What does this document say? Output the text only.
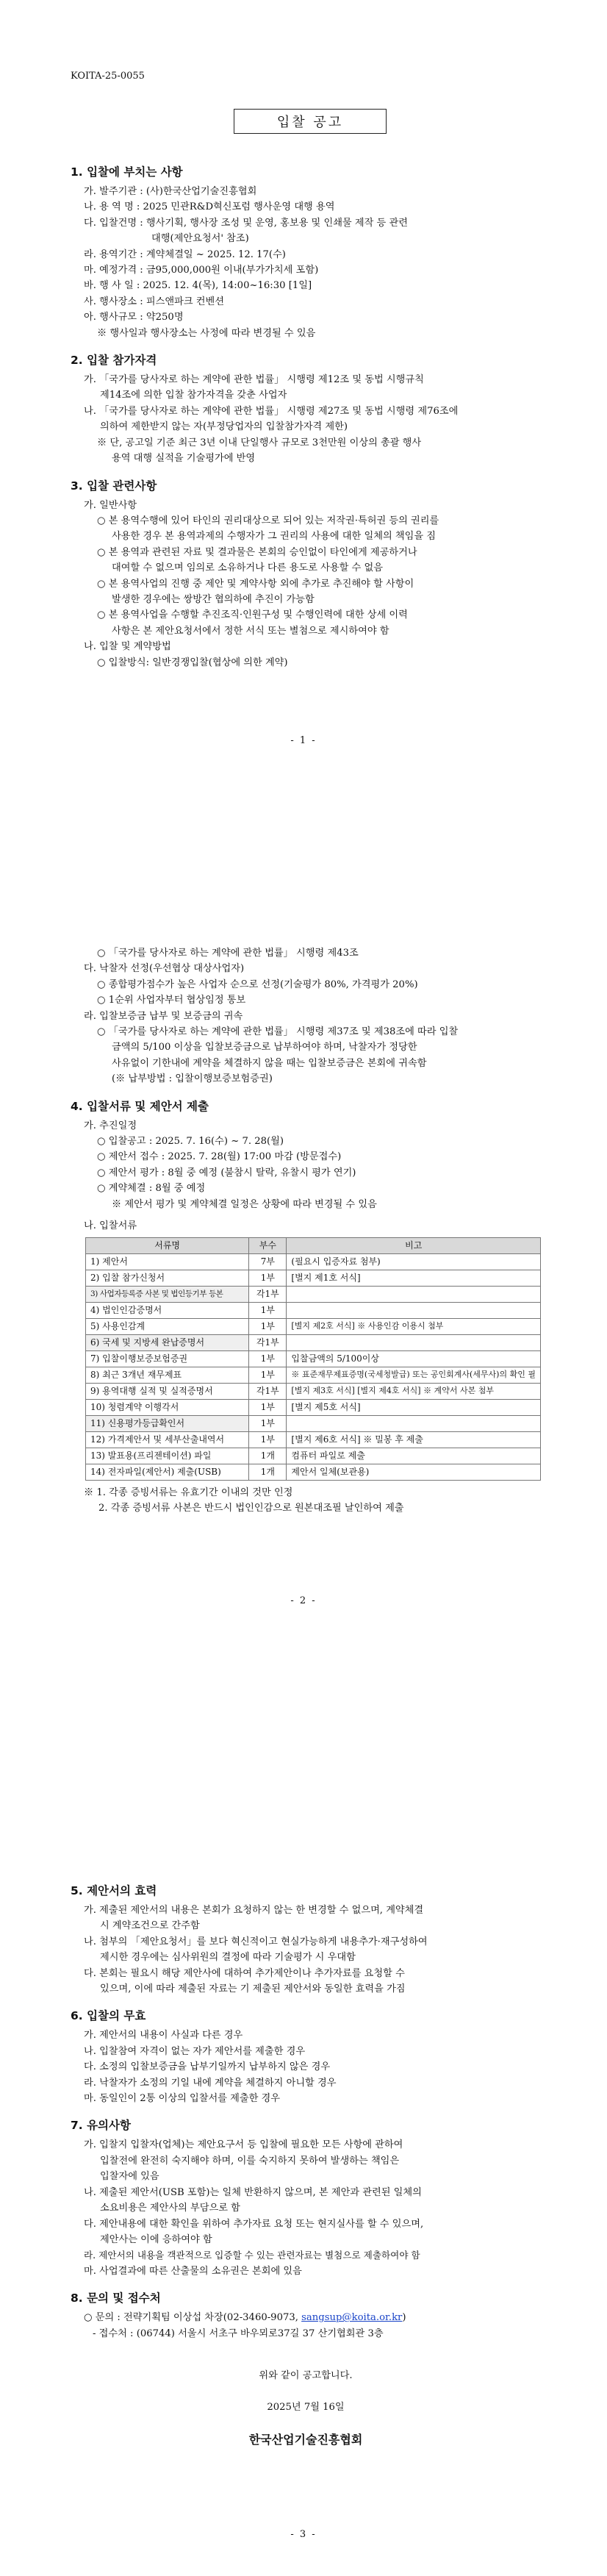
KOITA-25-0055
입찰 공고

1. 입찰에 부치는 사항

가. 발주기관 : (사)한국산업기술진흥협회

나. 용 역 명 : 2025 민관R&D혁신포럼 행사운영 대행 용역

다. 입찰건명 : 행사기획, 행사장 조성 및 운영, 홍보용 및 인쇄물 제작 등 관련

대행(제안요청서' 참조)

라. 용역기간 : 계약체결일 ~ 2025. 12. 17(수)

마. 예정가격 : 금95,000,000원 이내(부가가치세 포함)

바. 행 사 일 : 2025. 12. 4(목), 14:00~16:30 [1일]

사. 행사장소 : 피스앤파크 컨벤션

아. 행사규모 : 약250명

※ 행사일과 행사장소는 사정에 따라 변경될 수 있음

2. 입찰 참가자격

가. 「국가를 당사자로 하는 계약에 관한 법률」 시행령 제12조 및 동법 시행규칙

제14조에 의한 입찰 참가자격을 갖춘 사업자

나. 「국가를 당사자로 하는 계약에 관한 법률」 시행령 제27조 및 동법 시행령 제76조에

의하여 제한받지 않는 자(부정당업자의 입찰참가자격 제한)

※ 단, 공고일 기준 최근 3년 이내 단일행사 규모로 3천만원 이상의 총괄 행사

용역 대행 실적을 기술평가에 반영

3. 입찰 관련사항

가. 일반사항

○ 본 용역수행에 있어 타인의 권리대상으로 되어 있는 저작권·특허권 등의 권리를

사용한 경우 본 용역과제의 수행자가 그 권리의 사용에 대한 일체의 책임을 짐

○ 본 용역과 관련된 자료 및 결과물은 본회의 승인없이 타인에게 제공하거나

대여할 수 없으며 임의로 소유하거나 다른 용도로 사용할 수 없음

○ 본 용역사업의 진행 중 제안 및 계약사항 외에 추가로 추진해야 할 사항이

발생한 경우에는 쌍방간 협의하에 추진이 가능함

○ 본 용역사업을 수행할 추진조직·인원구성 및 수행인력에 대한 상세 이력

사항은 본 제안요청서에서 정한 서식 또는 별첨으로 제시하여야 함

나. 입찰 및 계약방법

○ 입찰방식: 일반경쟁입찰(협상에 의한 계약)

- 1 -

○ 「국가를 당사자로 하는 계약에 관한 법률」 시행령 제43조

다. 낙찰자 선정(우선협상 대상사업자)

○ 종합평가점수가 높은 사업자 순으로 선정(기술평가 80%, 가격평가 20%)

○ 1순위 사업자부터 협상임정 통보

라. 입찰보증금 납부 및 보증금의 귀속

○ 「국가를 당사자로 하는 계약에 관한 법률」 시행령 제37조 및 제38조에 따라 입찰

금액의 5/100 이상을 입찰보증금으로 납부하여야 하며, 낙찰자가 정당한

사유없이 기한내에 계약을 체결하지 않을 때는 입찰보증금은 본회에 귀속함

(※ 납부방법 : 입찰이행보증보험증권)

4. 입찰서류 및 제안서 제출

가. 추진일정

○ 입찰공고 : 2025. 7. 16(수) ~ 7. 28(월)

○ 제안서 접수 : 2025. 7. 28(월) 17:00 마감 (방문접수)

○ 제안서 평가 : 8월 중 예정 (불참시 탈락, 유찰시 평가 연기)

○ 계약체결 : 8월 중 예정

※ 제안서 평가 및 계약체결 일정은 상황에 따라 변경될 수 있음

나. 입찰서류

서류명	부수	비고
1) 제안서	7부	(필요시 입증자료 첨부)
2) 입찰 참가신청서	1부	[별지 제1호 서식]
3) 사업자등록증 사본 및 법인등기부 등본	각1부	
4) 법인인감증명서	1부	
5) 사용인감계	1부	[별지 제2호 서식] ※ 사용인감 이용시 첨부
6) 국세 및 지방세 완납증명서	각1부	
7) 입찰이행보증보험증권	1부	입찰금액의 5/100이상
8) 최근 3개년 재무제표	1부	※ 표준재무제표증명(국세청발급) 또는 공인회계사(세무사)의 확인 필
9) 용역대행 실적 및 실적증명서	각1부	[별지 제3호 서식] [별지 제4호 서식] ※ 계약서 사본 첨부
10) 청렴계약 이행각서	1부	[별지 제5호 서식]
11) 신용평가등급확인서	1부	
12) 가격제안서 및 세부산출내역서	1부	[별지 제6호 서식] ※ 밀봉 후 제출
13) 발표용(프리젠테이션) 파일	1개	컴퓨터 파일로 제출
14) 전자파일(제안서) 제출(USB)	1개	제안서 일체(보관용)

※ 1. 각종 증빙서류는 유효기간 이내의 것만 인정

2. 각종 증빙서류 사본은 반드시 법인인감으로 원본대조필 날인하여 제출

- 2 -

5. 제안서의 효력

가. 제출된 제안서의 내용은 본회가 요청하지 않는 한 변경할 수 없으며, 계약체결

시 계약조건으로 간주함

나. 첨부의 「제안요청서」를 보다 혁신적이고 현실가능하게 내용추가·재구성하여

제시한 경우에는 심사위원의 결정에 따라 기술평가 시 우대함

다. 본회는 필요시 해당 제안사에 대하여 추가제안이나 추가자료를 요청할 수

있으며, 이에 따라 제출된 자료는 기 제출된 제안서와 동일한 효력을 가짐

6. 입찰의 무효

가. 제안서의 내용이 사실과 다른 경우

나. 입찰참여 자격이 없는 자가 제안서를 제출한 경우

다. 소정의 입찰보증금을 납부기일까지 납부하지 않은 경우

라. 낙찰자가 소정의 기일 내에 계약을 체결하지 아니할 경우

마. 동일인이 2통 이상의 입찰서를 제출한 경우

7. 유의사항

가. 입찰지 입찰자(업체)는 제안요구서 등 입찰에 필요한 모든 사항에 관하여

입찰전에 완전히 숙지해야 하며, 이를 숙지하지 못하여 발생하는 책임은

입찰자에 있음

나. 제출된 제안서(USB 포함)는 일체 반환하지 않으며, 본 제안과 관련된 일체의

소요비용은 제안사의 부담으로 함

다. 제안내용에 대한 확인을 위하여 추가자료 요청 또는 현지실사를 할 수 있으며,

제안사는 이에 응하여야 함

라. 제안서의 내용을 객관적으로 입증할 수 있는 관련자료는 별첨으로 제출하여야 함

마. 사업결과에 따른 산출물의 소유권은 본회에 있음

8. 문의 및 접수처

○ 문의 : 전략기획팀 이상섭 차장(02-3460-9073, sangsup@koita.or.kr)

- 접수처 : (06744) 서울시 서초구 바우뫼로37길 37 산기협회관 3층

위와 같이 공고합니다.

2025년 7월 16일

한국산업기술진흥협회

- 3 -
